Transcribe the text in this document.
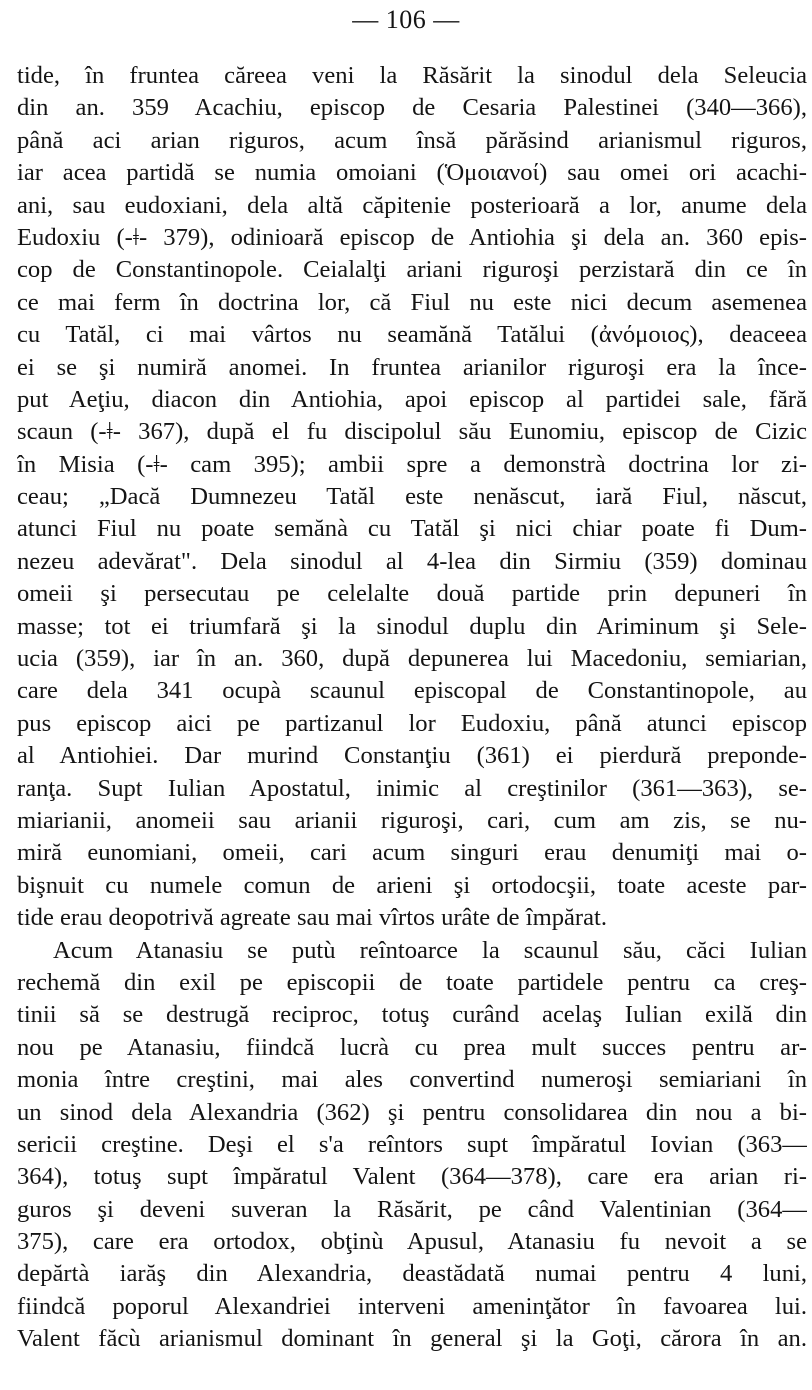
— 106 —
tide, în fruntea căreea veni la Răsărit la sinodul dela Seleucia
din an. 359 Acachiu, episcop de Cesaria Palestinei (340—366),
până aci arian riguros, acum însă părăsind arianismul riguros,
iar acea partidă se numia omoiani (Ὁμοιανοί) sau omei ori acachi-
ani, sau eudoxiani, dela altă căpitenie posterioară a lor, anume dela
Eudoxiu (-ǂ- 379), odinioară episcop de Antiohia şi dela an. 360 epis-
cop de Constantinopole. Ceialalţi ariani riguroşi perzistară din ce în
ce mai ferm în doctrina lor, că Fiul nu este nici decum asemenea
cu Tatăl, ci mai vârtos nu seamănă Tatălui (ἀνόμοιος), deaceea
ei se şi numiră anomei. In fruntea arianilor riguroşi era la înce-
put Aeţiu, diacon din Antiohia, apoi episcop al partidei sale, fără
scaun (-ǂ- 367), după el fu discipolul său Eunomiu, episcop de Cizic
în Misia (-ǂ- cam 395); ambii spre a demonstrà doctrina lor zi-
ceau; „Dacă Dumnezeu Tatăl este nenăscut, iară Fiul, născut,
atunci Fiul nu poate semănà cu Tatăl şi nici chiar poate fi Dum-
nezeu adevărat". Dela sinodul al 4-lea din Sirmiu (359) dominau
omeii şi persecutau pe celelalte două partide prin depuneri în
masse; tot ei triumfară şi la sinodul duplu din Ariminum şi Sele-
ucia (359), iar în an. 360, după depunerea lui Macedoniu, semiarian,
care dela 341 ocupà scaunul episcopal de Constantinopole, au
pus episcop aici pe partizanul lor Eudoxiu, până atunci episcop
al Antiohiei. Dar murind Constanţiu (361) ei pierdură preponde-
ranţa. Supt Iulian Apostatul, inimic al creştinilor (361—363), se-
miarianii, anomeii sau arianii riguroşi, cari, cum am zis, se nu-
miră eunomiani, omeii, cari acum singuri erau denumiţi mai o-
bişnuit cu numele comun de arieni şi ortodocşii, toate aceste par-
tide erau deopotrivă agreate sau mai vîrtos urâte de împărat.
Acum Atanasiu se putù reîntoarce la scaunul său, căci Iulian
rechemă din exil pe episcopii de toate partidele pentru ca creş-
tinii să se destrugă reciproc, totuş curând acelaş Iulian exilă din
nou pe Atanasiu, fiindcă lucrà cu prea mult succes pentru ar-
monia între creştini, mai ales convertind numeroşi semiariani în
un sinod dela Alexandria (362) şi pentru consolidarea din nou a bi-
sericii creştine. Deşi el s'a reîntors supt împăratul Iovian (363—
364), totuş supt împăratul Valent (364—378), care era arian ri-
guros şi deveni suveran la Răsărit, pe când Valentinian (364—
375), care era ortodox, obţinù Apusul, Atanasiu fu nevoit a se
depărtà iarăş din Alexandria, deastădată numai pentru 4 luni,
fiindcă poporul Alexandriei interveni ameninţător în favoarea lui.
Valent făcù arianismul dominant în general şi la Goţi, cărora în an.
